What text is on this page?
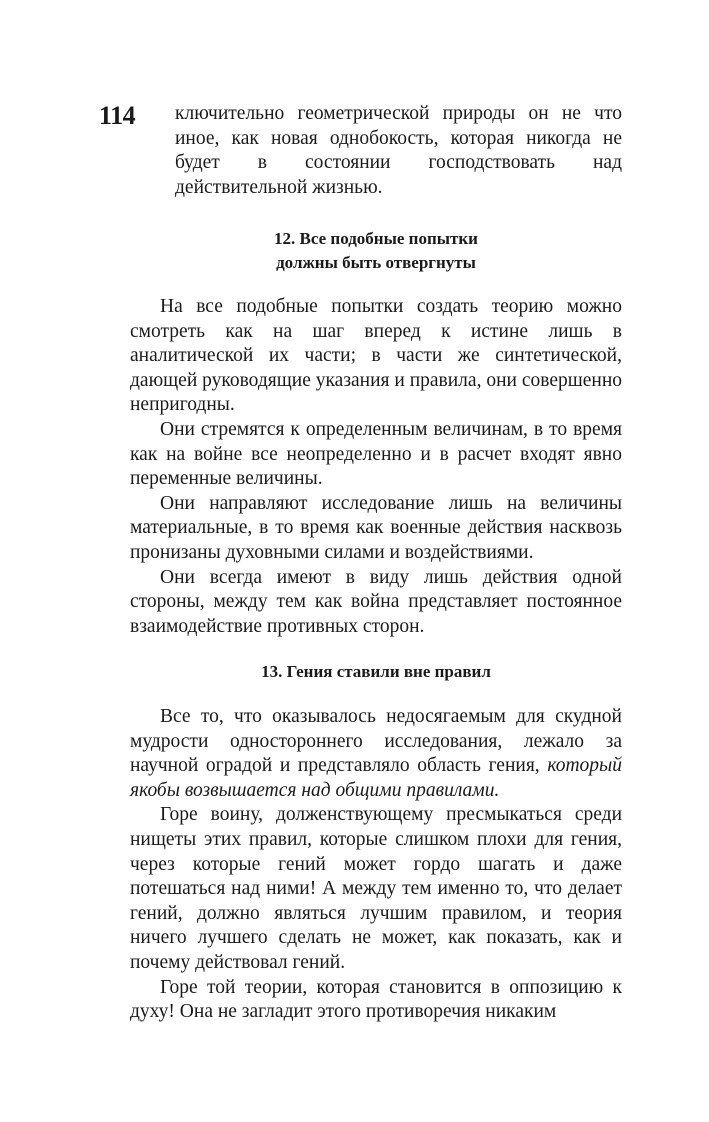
114 ключительно геометрической природы он не что иное, как новая однобокость, которая никогда не будет в состоянии господствовать над действительной жизнью.

12. Все подобные попытки
должны быть отвергнуты

На все подобные попытки создать теорию можно смотреть как на шаг вперед к истине лишь в аналитической их части; в части же синтетической, дающей руководящие указания и правила, они совершенно непригодны.

Они стремятся к определенным величинам, в то время как на войне все неопределенно и в расчет входят явно переменные величины.

Они направляют исследование лишь на величины материальные, в то время как военные действия насквозь пронизаны духовными силами и воздействиями.

Они всегда имеют в виду лишь действия одной стороны, между тем как война представляет постоянное взаимодействие противных сторон.

13. Гения ставили вне правил

Все то, что оказывалось недосягаемым для скудной мудрости одностороннего исследования, лежало за научной оградой и представляло область гения, который якобы возвышается над общими правилами.

Горе воину, долженствующему пресмыкаться среди нищеты этих правил, которые слишком плохи для гения, через которые гений может гордо шагать и даже потешаться над ними! А между тем именно то, что делает гений, должно являться лучшим правилом, и теория ничего лучшего сделать не может, как показать, как и почему действовал гений.

Горе той теории, которая становится в оппозицию к духу! Она не загладит этого противоречия никаким
